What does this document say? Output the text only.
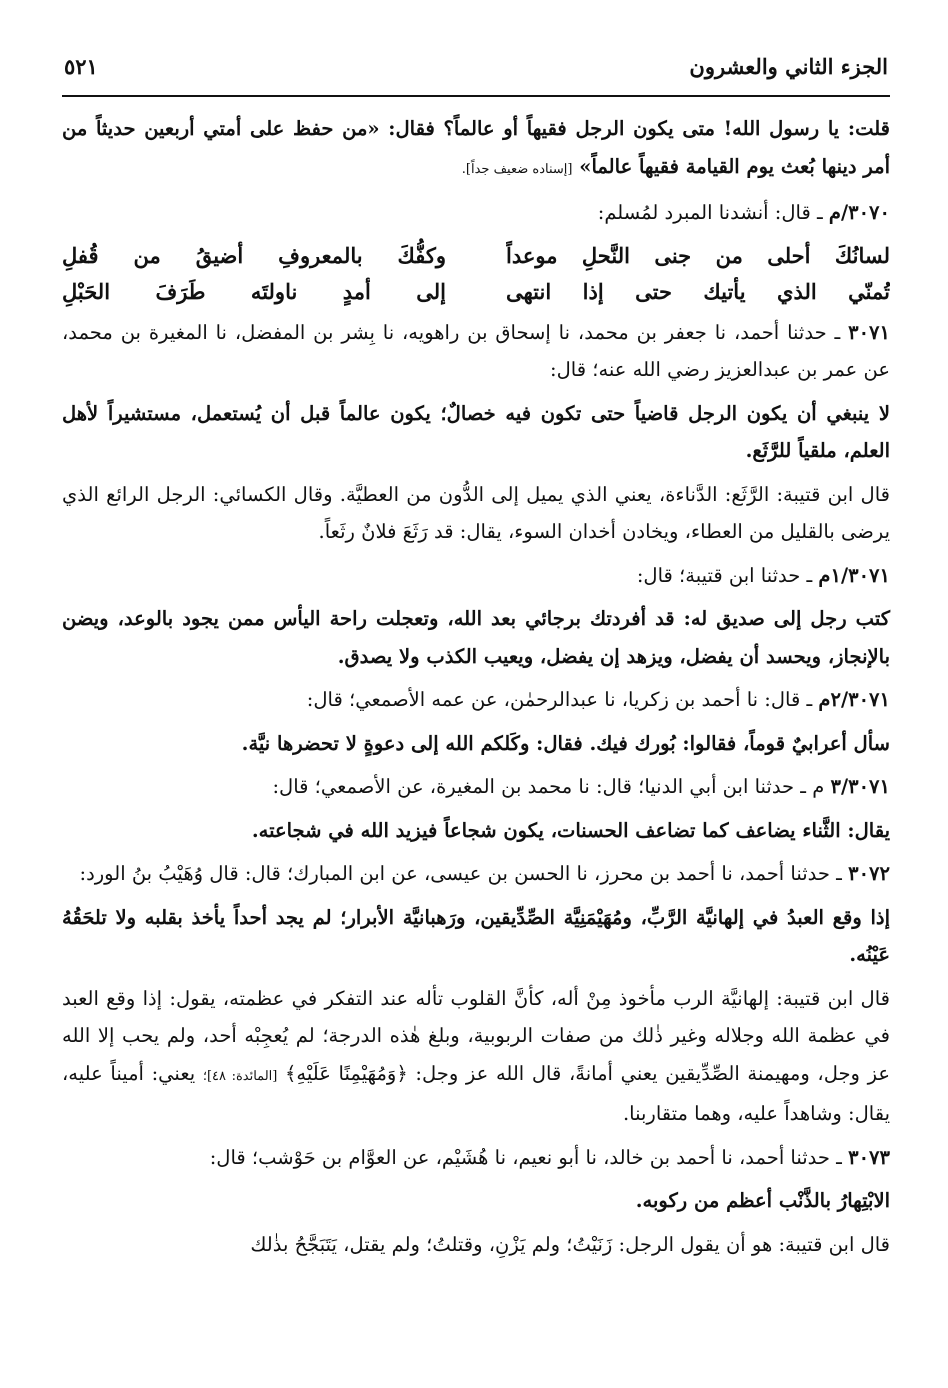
الجزء الثاني والعشرون
٥٢١

قلت: يا رسول الله! متى يكون الرجل فقيهاً أو عالماً؟ فقال: «من حفظ على أمتي أربعين حديثاً من أمر دينها بُعث يوم القيامة فقيهاً عالماً» [إسناده ضعيف جداً].

٣٠٧٠/م ـ قال: أنشدنا المبرد لمُسلم:

لسانُكَ أحلى من جنى النَّحلِ موعداً
وكفُّكَ بالمعروفِ أضيقُ من قُفلِ
تُمنّي الذي يأتيك حتى إذا انتهى
إلى أمدٍ ناولتَه طَرَفَ الحَبْلِ

٣٠٧١ ـ حدثنا أحمد، نا جعفر بن محمد، نا إسحاق بن راهويه، نا بِشر بن المفضل، نا المغيرة بن محمد، عن عمر بن عبدالعزيز رضي الله عنه؛ قال:

لا ينبغي أن يكون الرجل قاضياً حتى تكون فيه خصالٌ؛ يكون عالماً قبل أن يُستعمل، مستشيراً لأهل العلم، ملقياً للرَّثَع.

قال ابن قتيبة: الرَّثَع: الدَّناءة، يعني الذي يميل إلى الدُّون من العطيَّة. وقال الكسائي: الرجل الرائع الذي يرضى بالقليل من العطاء، ويخادن أخدان السوء، يقال: قد رَثَعَ فلانٌ رثَعاً.

١/٣٠٧١م ـ حدثنا ابن قتيبة؛ قال:

كتب رجل إلى صديق له: قد أفردتك برجائي بعد الله، وتعجلت راحة اليأس ممن يجود بالوعد، ويضن بالإنجاز، ويحسد أن يفضل، ويزهد إن يفضل، ويعيب الكذب ولا يصدق.

٢/٣٠٧١م ـ قال: نا أحمد بن زكريا، نا عبدالرحمٰن، عن عمه الأصمعي؛ قال:

سأل أعرابيٌ قوماً، فقالوا: بُورك فيك. فقال: وكَلكم الله إلى دعوةٍ لا تحضرها نيَّة.

٣/٣٠٧١ م ـ حدثنا ابن أبي الدنيا؛ قال: نا محمد بن المغيرة، عن الأصمعي؛ قال:

يقال: الثَّناء يضاعف كما تضاعف الحسنات، يكون شجاعاً فيزيد الله في شجاعته.

٣٠٧٢ ـ حدثنا أحمد، نا أحمد بن محرز، نا الحسن بن عيسى، عن ابن المبارك؛ قال: قال وُهَيْبُ بنُ الورد:

إذا وقع العبدُ في إلهانيَّة الرَّبِّ، ومُهَيْمَنِيَّة الصِّدِّيقين، ورَهبانيَّة الأبرار؛ لم يجد أحداً يأخذ بقلبه ولا تلحَقُهُ عَيْنُه.

قال ابن قتيبة: إلهانيَّة الرب مأخوذ مِنْ أله، كأنَّ القلوب تأله عند التفكر في عظمته، يقول: إذا وقع العبد في عظمة الله وجلاله وغير ذٰلك من صفات الربوبية، وبلغ هٰذه الدرجة؛ لم يُعجِبْه أحد، ولم يحب إلا الله عز وجل، ومهيمنة الصِّدِّيقين يعني أمانةً، قال الله عز وجل: ﴿وَمُهَيْمِنًا عَلَيْهِ﴾ [المائدة: ٤٨]؛ يعني: أميناً عليه، يقال: وشاهداً عليه، وهما متقاربنا.

٣٠٧٣ ـ حدثنا أحمد، نا أحمد بن خالد، نا أبو نعيم، نا هُشَيْم، عن العوَّام بن حَوْشب؛ قال:

الابْتِهارُ بالذَّنْب أعظم من ركوبه.

قال ابن قتيبة: هو أن يقول الرجل: زَنَيْتُ؛ ولم يَزْنِ، وقتلتُ؛ ولم يقتل، يَتَبَجَّحُ بذٰلك
